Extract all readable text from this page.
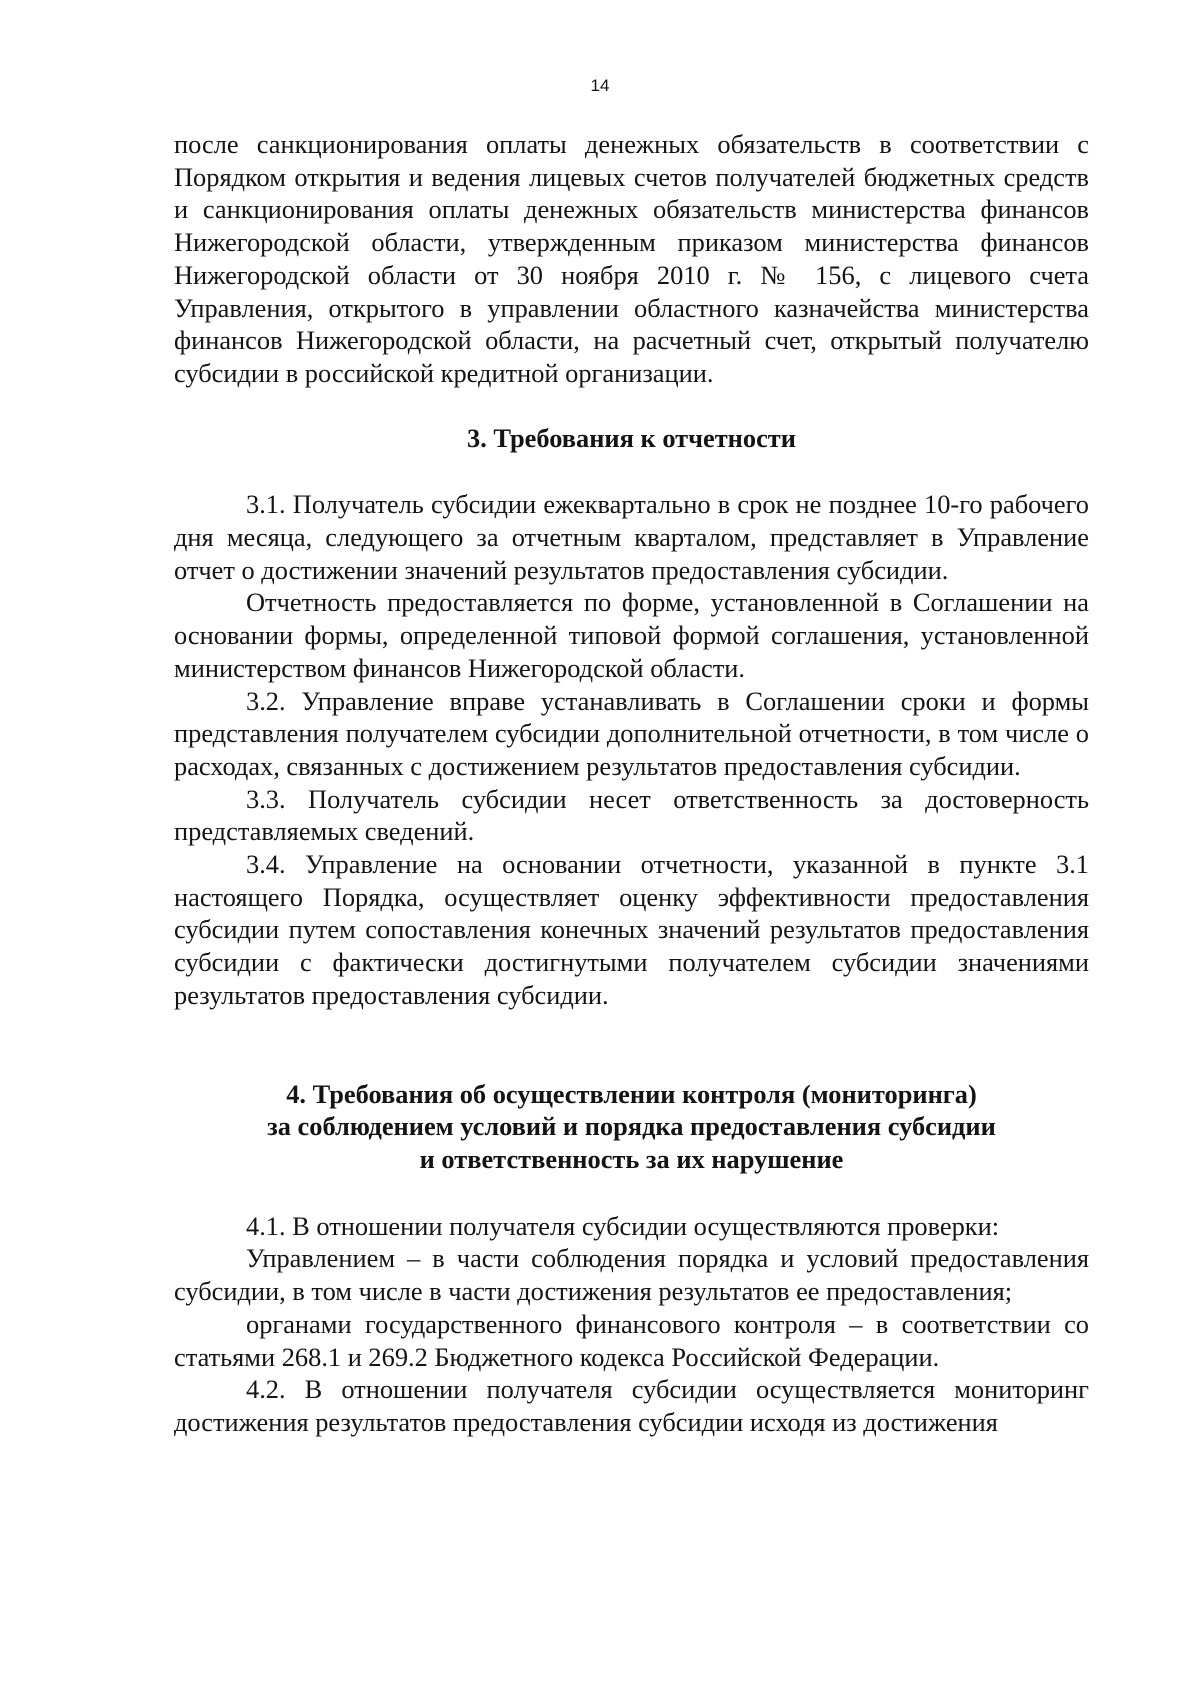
14

после санкционирования оплаты денежных обязательств в соответствии с Порядком открытия и ведения лицевых счетов получателей бюджетных средств и санкционирования оплаты денежных обязательств министерства финансов Нижегородской области, утвержденным приказом министерства финансов Нижегородской области от 30 ноября 2010 г. № 156, с лицевого счета Управления, открытого в управлении областного казначейства министерства финансов Нижегородской области, на расчетный счет, открытый получателю субсидии в российской кредитной организации.

3. Требования к отчетности

3.1. Получатель субсидии ежеквартально в срок не позднее 10-го рабочего дня месяца, следующего за отчетным кварталом, представляет в Управление отчет о достижении значений результатов предоставления субсидии.

Отчетность предоставляется по форме, установленной в Соглашении на основании формы, определенной типовой формой соглашения, установленной министерством финансов Нижегородской области.

3.2. Управление вправе устанавливать в Соглашении сроки и формы представления получателем субсидии дополнительной отчетности, в том числе о расходах, связанных с достижением результатов предоставления субсидии.

3.3. Получатель субсидии несет ответственность за достоверность представляемых сведений.

3.4. Управление на основании отчетности, указанной в пункте 3.1 настоящего Порядка, осуществляет оценку эффективности предоставления субсидии путем сопоставления конечных значений результатов предоставления субсидии с фактически достигнутыми получателем субсидии значениями результатов предоставления субсидии.

4. Требования об осуществлении контроля (мониторинга)
за соблюдением условий и порядка предоставления субсидии
и ответственность за их нарушение

4.1. В отношении получателя субсидии осуществляются проверки:

Управлением – в части соблюдения порядка и условий предоставления субсидии, в том числе в части достижения результатов ее предоставления;

органами государственного финансового контроля – в соответствии со статьями 268.1 и 269.2 Бюджетного кодекса Российской Федерации.

4.2. В отношении получателя субсидии осуществляется мониторинг достижения результатов предоставления субсидии исходя из достижения
